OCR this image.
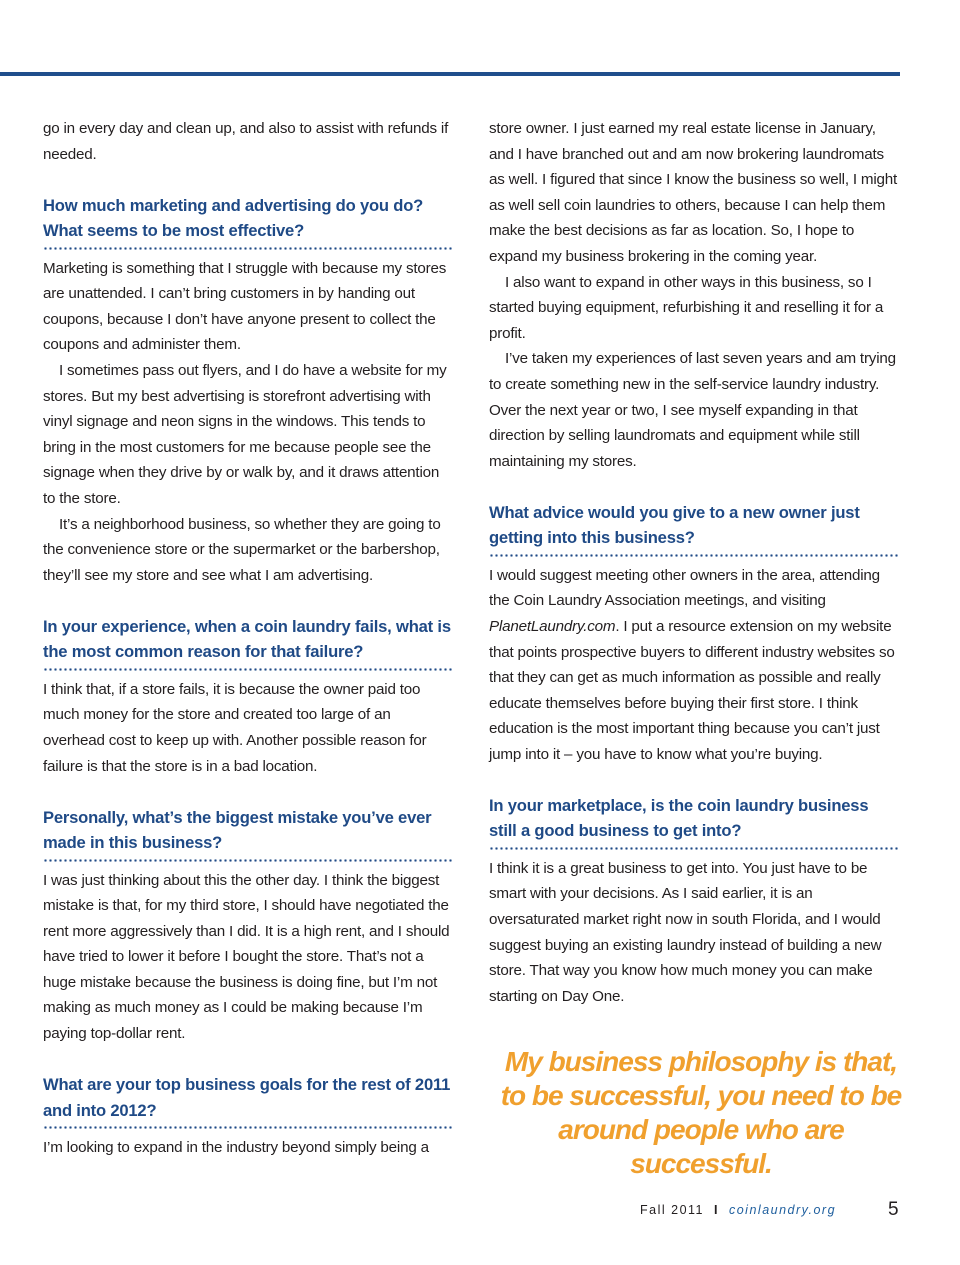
go in every day and clean up, and also to assist with refunds if needed.

How much marketing and advertising do you do? What seems to be most effective?

Marketing is something that I struggle with because my stores are unattended. I can’t bring customers in by handing out coupons, because I don’t have anyone present to collect the coupons and administer them.

I sometimes pass out flyers, and I do have a website for my stores. But my best advertising is storefront advertising with vinyl signage and neon signs in the windows. This tends to bring in the most customers for me because people see the signage when they drive by or walk by, and it draws attention to the store.

It’s a neighborhood business, so whether they are going to the convenience store or the supermarket or the barbershop, they’ll see my store and see what I am advertising.

In your experience, when a coin laundry fails, what is the most common reason for that failure?

I think that, if a store fails, it is because the owner paid too much money for the store and created too large of an overhead cost to keep up with. Another possible reason for failure is that the store is in a bad location.

Personally, what’s the biggest mistake you’ve ever made in this business?

I was just thinking about this the other day. I think the biggest mistake is that, for my third store, I should have negotiated the rent more aggressively than I did. It is a high rent, and I should have tried to lower it before I bought the store. That’s not a huge mistake because the business is doing fine, but I’m not making as much money as I could be making because I’m paying top-dollar rent.

What are your top business goals for the rest of 2011 and into 2012?

I’m looking to expand in the industry beyond simply being a

store owner. I just earned my real estate license in January, and I have branched out and am now brokering laundromats as well. I figured that since I know the business so well, I might as well sell coin laundries to others, because I can help them make the best decisions as far as location. So, I hope to expand my business brokering in the coming year.

I also want to expand in other ways in this business, so I started buying equipment, refurbishing it and reselling it for a profit.

I’ve taken my experiences of last seven years and am trying to create something new in the self-service laundry industry. Over the next year or two, I see myself expanding in that direction by selling laundromats and equipment while still maintaining my stores.

What advice would you give to a new owner just getting into this business?

I would suggest meeting other owners in the area, attending the Coin Laundry Association meetings, and visiting PlanetLaundry.com. I put a resource extension on my website that points prospective buyers to different industry websites so that they can get as much information as possible and really educate themselves before buying their first store. I think education is the most important thing because you can’t just jump into it – you have to know what you’re buying.

In your marketplace, is the coin laundry business still a good business to get into?

I think it is a great business to get into. You just have to be smart with your decisions. As I said earlier, it is an oversaturated market right now in south Florida, and I would suggest buying an existing laundry instead of building a new store. That way you know how much money you can make starting on Day One.

My business philosophy is that, to be successful, you need to be around people who are successful.
Fall 2011 I coinlaundry.org	5
